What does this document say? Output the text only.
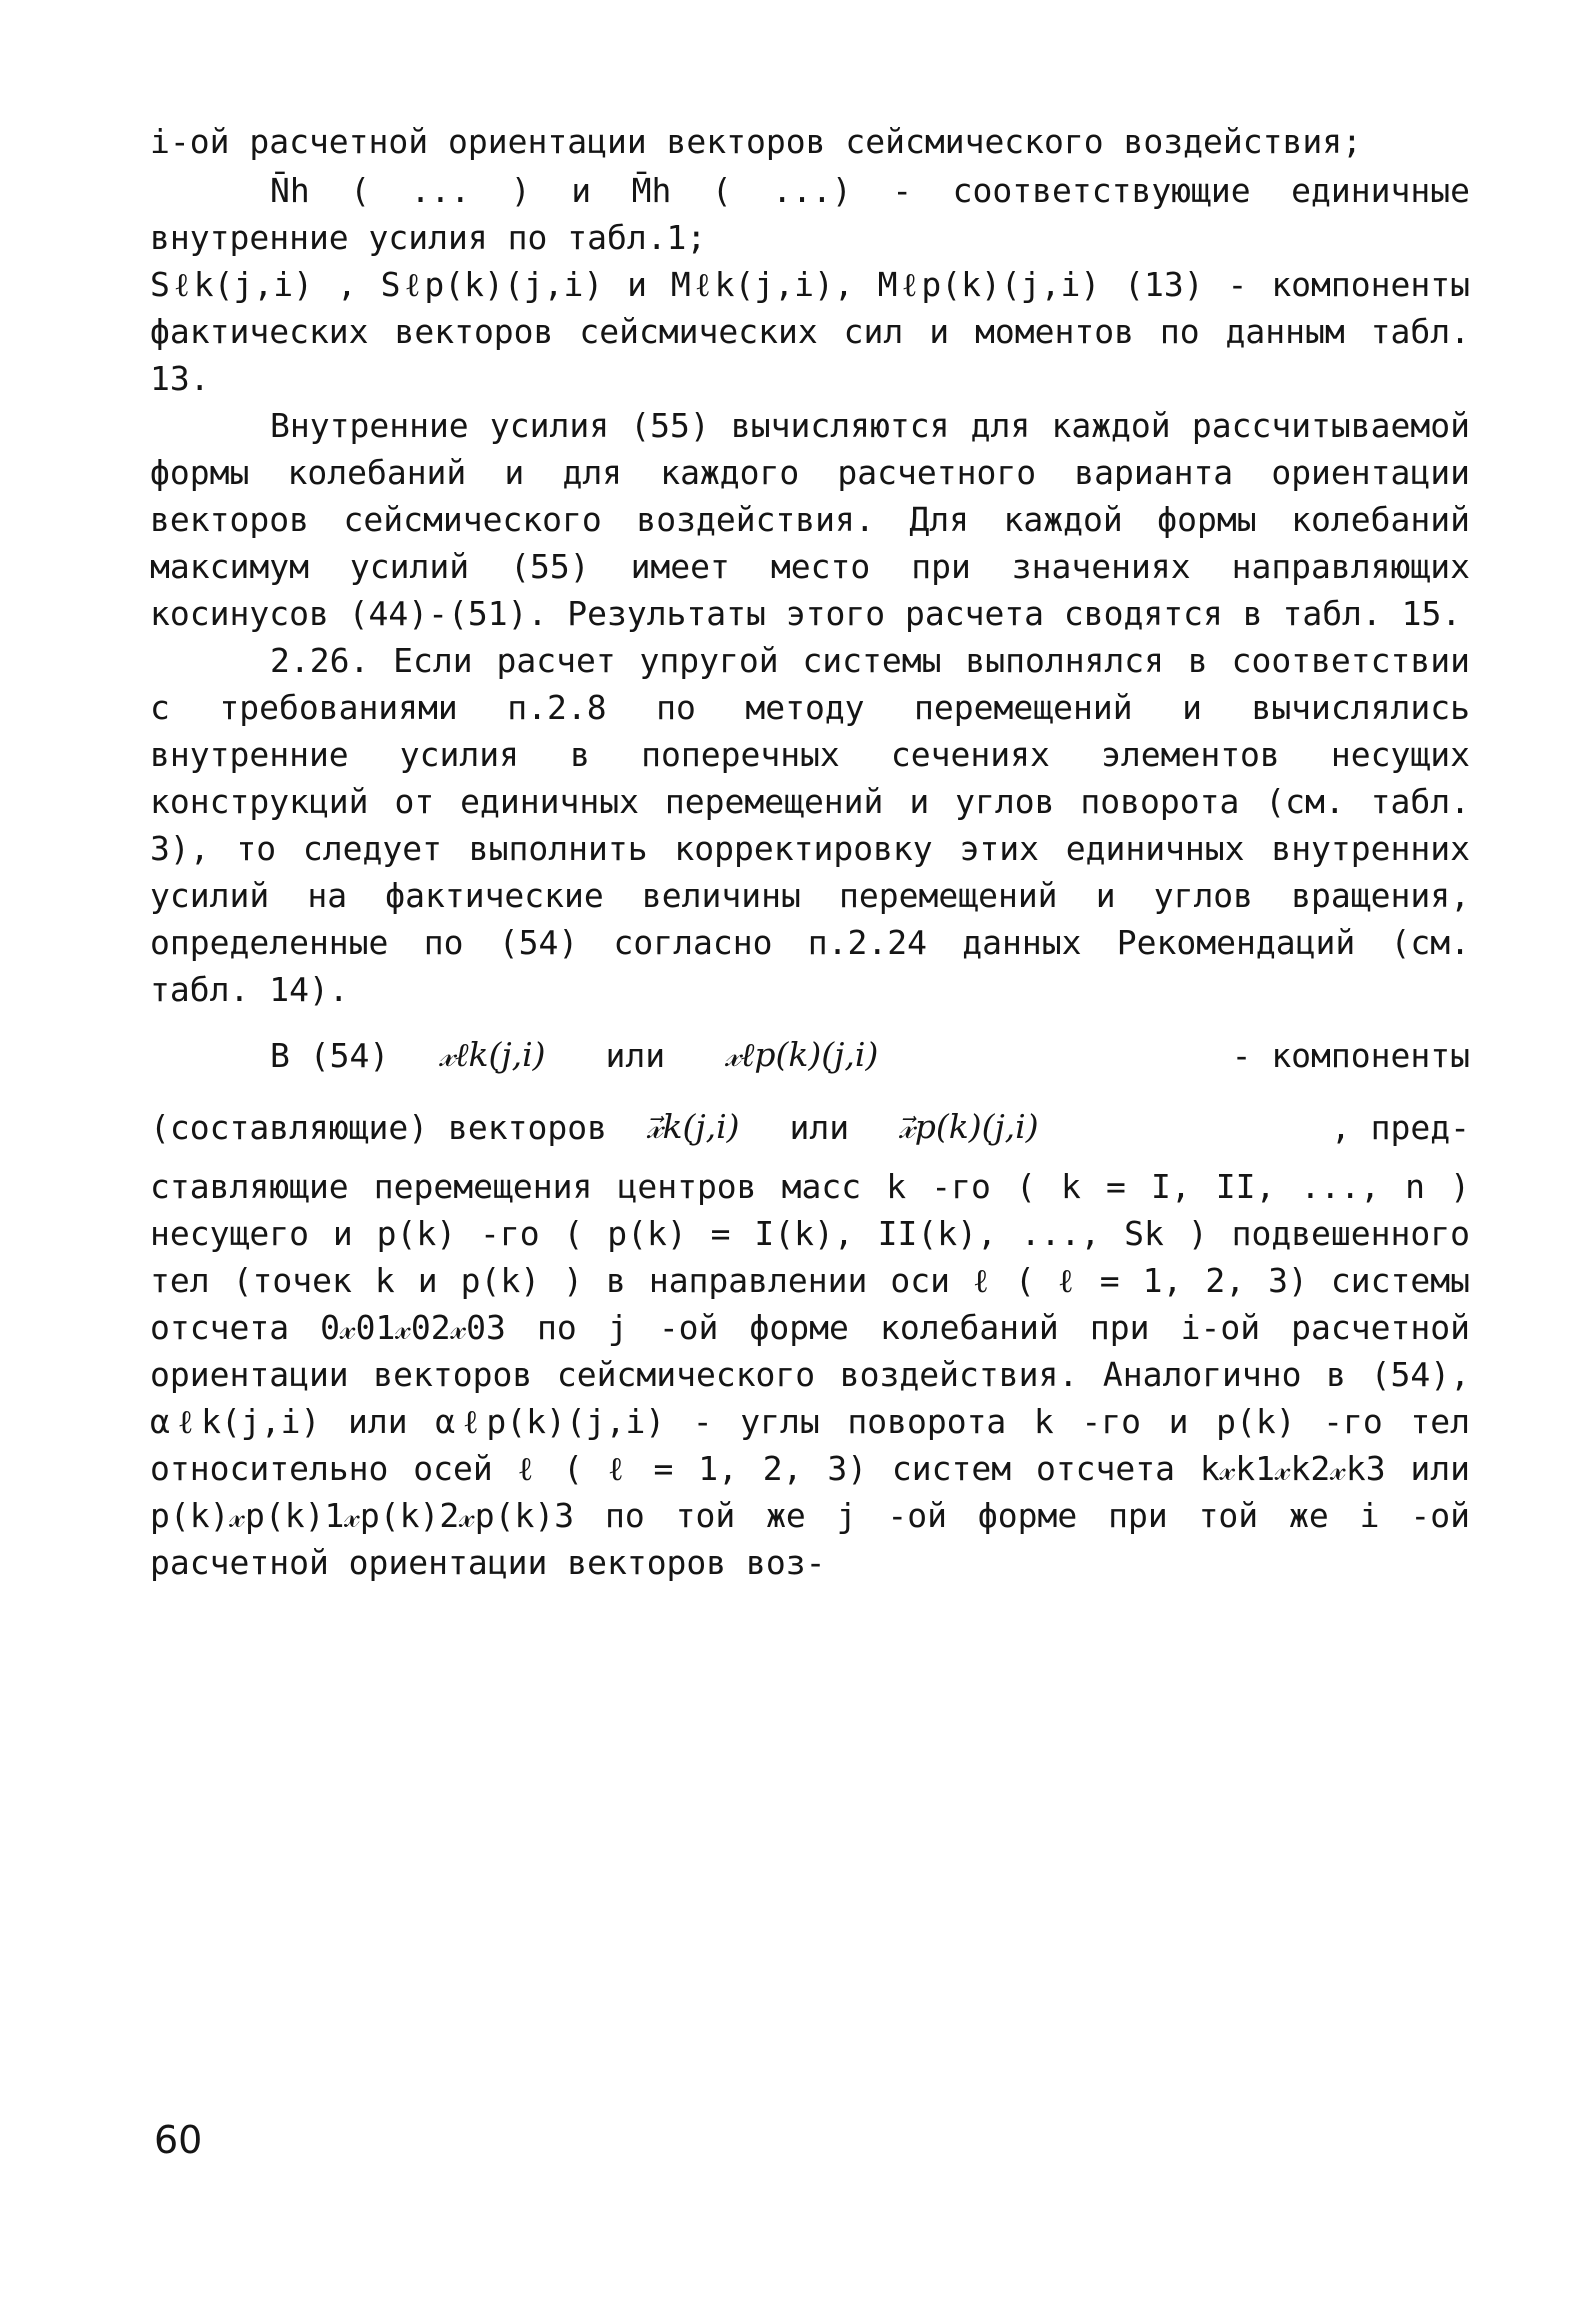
i-ой расчетной ориентации векторов сейсмического воздействия;

N̄h ( ... ) и M̄h ( ...) - соответствующие единичные внутренние усилия по табл.1;

Sℓk(j,i) , Sℓp(k)(j,i) и Mℓk(j,i), Mℓp(k)(j,i) (13) - компоненты фактических векторов сейсмических сил и моментов по данным табл. 13.

Внутренние усилия (55) вычисляются для каждой рассчитываемой формы колебаний и для каждого расчетного варианта ориентации векторов сейсмического воздействия. Для каждой формы колебаний максимум усилий (55) имеет место при значениях направляющих косинусов (44)-(51). Результаты этого расчета сводятся в табл. 15.

2.26. Если расчет упругой системы выполнялся в соответствии с требованиями п.2.8 по методу перемещений и вычислялись внутренние усилия в поперечных сечениях элементов несущих конструкций от единичных перемещений и углов поворота (см. табл. 3), то следует выполнить корректировку этих единичных внутренних усилий на фактические величины перемещений и углов вращения, определенные по (54) согласно п.2.24 данных Рекомендаций (см. табл. 14).

В (54) 𝓍ℓk(j,i) или 𝓍ℓp(k)(j,i)	- компоненты
(составляющие) векторов 𝓍⃗k(j,i) или 𝓍⃗p(k)(j,i)	, пред-

ставляющие перемещения центров масс k -го ( k = I, II, ..., n ) несущего и p(k) -го ( p(k) = I(k), II(k), ..., Sk ) подвешенного тел (точек k и p(k) ) в направлении оси ℓ ( ℓ = 1, 2, 3) системы отсчета 0𝓍01𝓍02𝓍03 по j -ой форме колебаний при i-ой расчетной ориентации векторов сейсмического воздействия. Аналогично в (54), αℓk(j,i) или αℓp(k)(j,i) - углы поворота k -го и p(k) -го тел относительно осей ℓ ( ℓ = 1, 2, 3) систем отсчета k𝓍k1𝓍k2𝓍k3 или p(k)𝓍p(k)1𝓍p(k)2𝓍p(k)3 по той же j -ой форме при той же i -ой расчетной ориентации векторов воз-

60
